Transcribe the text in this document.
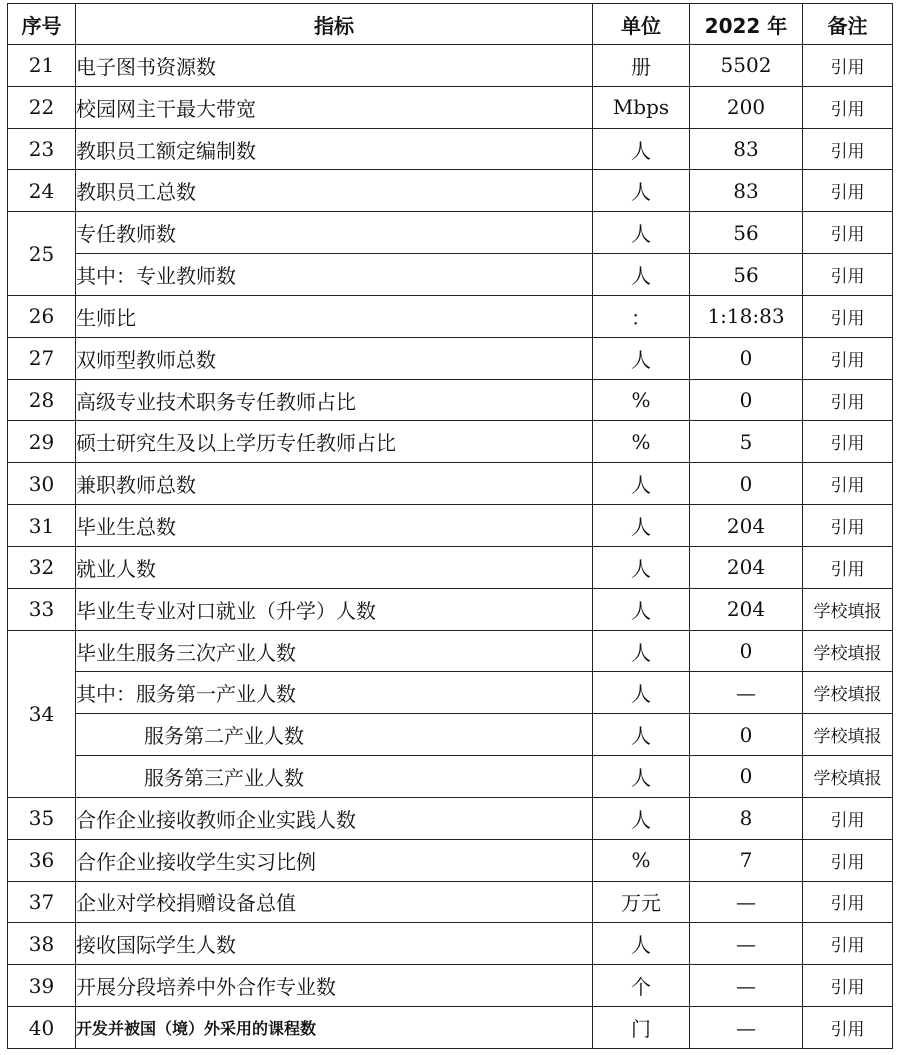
序号	指标	单位	2022 年	备注
21	电子图书资源数	册	5502	引用
22	校园网主干最大带宽	Mbps	200	引用
23	教职员工额定编制数	人	83	引用
24	教职员工总数	人	83	引用
25	专任教师数	人	56	引用
	其中：专业教师数	人	56	引用
26	生师比	：	1:18:83	引用
27	双师型教师总数	人	0	引用
28	高级专业技术职务专任教师占比	%	0	引用
29	硕士研究生及以上学历专任教师占比	%	5	引用
30	兼职教师总数	人	0	引用
31	毕业生总数	人	204	引用
32	就业人数	人	204	引用
33	毕业生专业对口就业（升学）人数	人	204	学校填报
34	毕业生服务三次产业人数	人	0	学校填报
	其中：服务第一产业人数	人	—	学校填报
	服务第二产业人数	人	0	学校填报
	服务第三产业人数	人	0	学校填报
35	合作企业接收教师企业实践人数	人	8	引用
36	合作企业接收学生实习比例	%	7	引用
37	企业对学校捐赠设备总值	万元	—	引用
38	接收国际学生人数	人	—	引用
39	开展分段培养中外合作专业数	个	—	引用
40	开发并被国（境）外采用的课程数	门	—	引用
